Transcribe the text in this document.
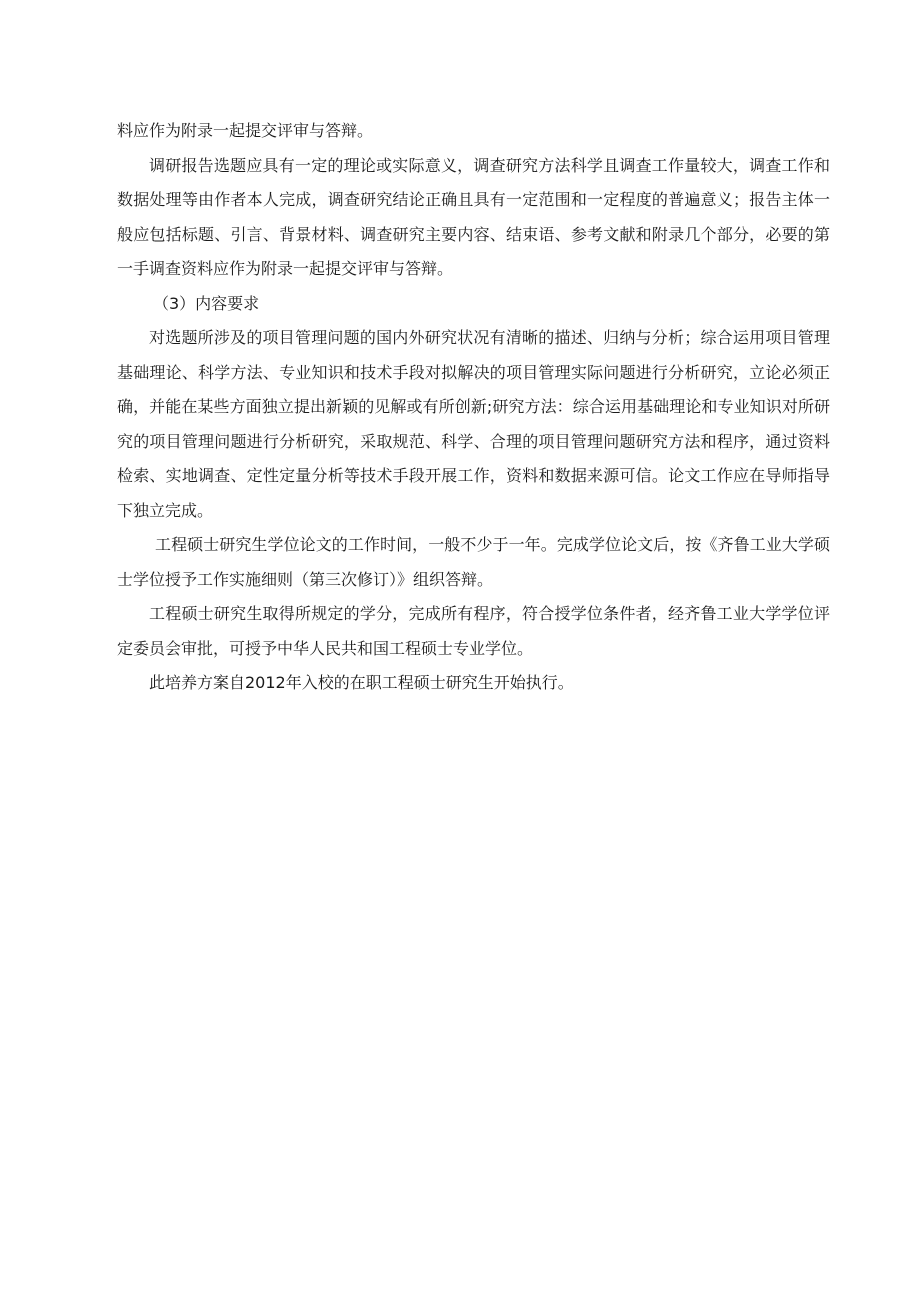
料应作为附录一起提交评审与答辩。

调研报告选题应具有一定的理论或实际意义，调查研究方法科学且调查工作量较大，调查工作和数据处理等由作者本人完成，调查研究结论正确且具有一定范围和一定程度的普遍意义；报告主体一般应包括标题、引言、背景材料、调查研究主要内容、结束语、参考文献和附录几个部分，必要的第一手调查资料应作为附录一起提交评审与答辩。

（3）内容要求

对选题所涉及的项目管理问题的国内外研究状况有清晰的描述、归纳与分析；综合运用项目管理基础理论、科学方法、专业知识和技术手段对拟解决的项目管理实际问题进行分析研究，立论必须正确，并能在某些方面独立提出新颖的见解或有所创新;研究方法：综合运用基础理论和专业知识对所研究的项目管理问题进行分析研究，采取规范、科学、合理的项目管理问题研究方法和程序，通过资料检索、实地调查、定性定量分析等技术手段开展工作，资料和数据来源可信。论文工作应在导师指导下独立完成。

工程硕士研究生学位论文的工作时间，一般不少于一年。完成学位论文后，按《齐鲁工业大学硕士学位授予工作实施细则（第三次修订）》组织答辩。

工程硕士研究生取得所规定的学分，完成所有程序，符合授学位条件者，经齐鲁工业大学学位评定委员会审批，可授予中华人民共和国工程硕士专业学位。

此培养方案自2012年入校的在职工程硕士研究生开始执行。
